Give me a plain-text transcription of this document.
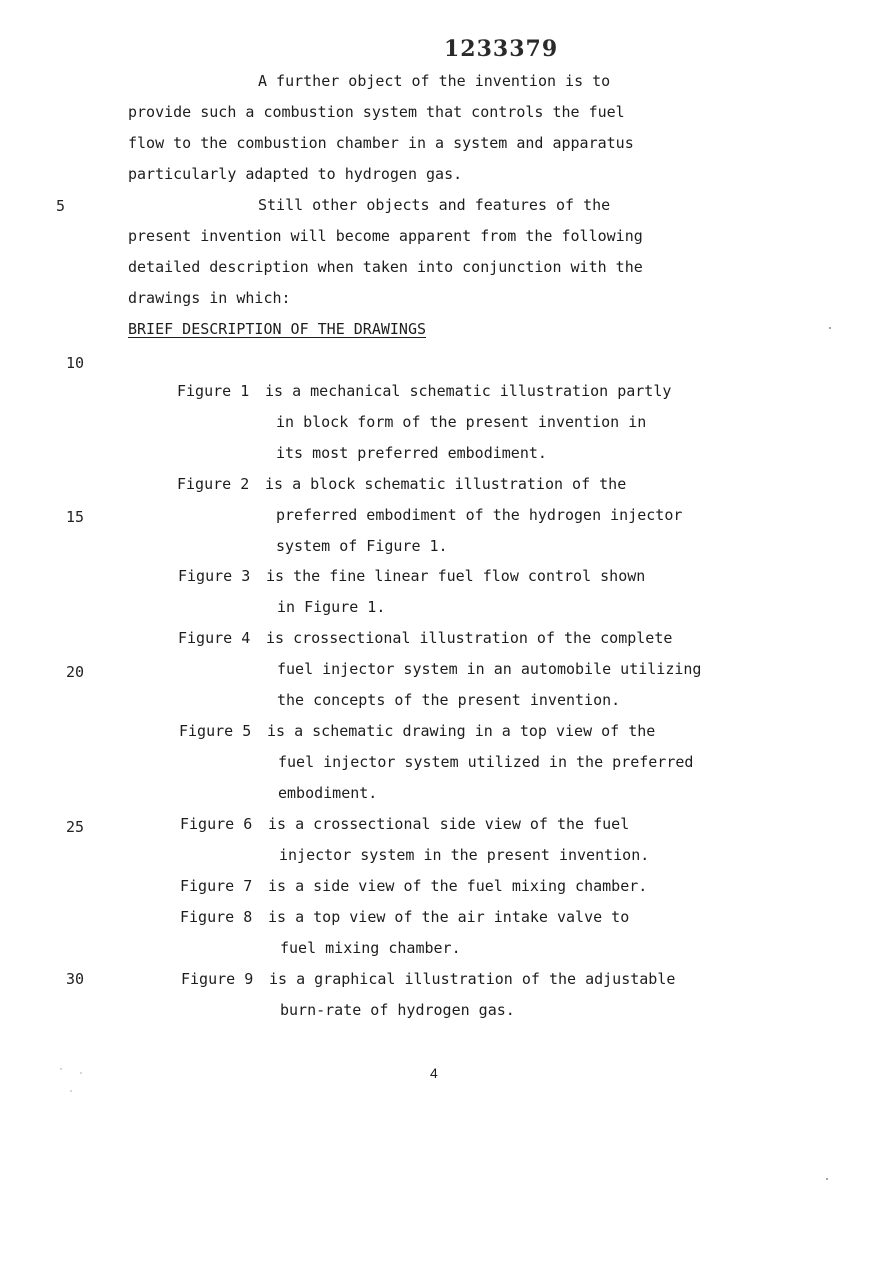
1233379
A further object of the invention is to
provide such a combustion system that controls the fuel
flow to the combustion chamber in a system and apparatus
particularly adapted to hydrogen gas.
Still other objects and features of the
present invention will become apparent from the following
detailed description when taken into conjunction with the
drawings in which:
BRIEF DESCRIPTION OF THE DRAWINGS
Figure 1 is a mechanical schematic illustration partly
in block form of the present invention in
its most preferred embodiment.
Figure 2 is a block schematic illustration of the
preferred embodiment of the hydrogen injector
system of Figure 1.
Figure 3 is the fine linear fuel flow control shown
in Figure 1.
Figure 4 is crossectional illustration of the complete
fuel injector system in an automobile utilizing
the concepts of the present invention.
Figure 5 is a schematic drawing in a top view of the
fuel injector system utilized in the preferred
embodiment.
Figure 6 is a crossectional side view of the fuel
injector system in the present invention.
Figure 7 is a side view of the fuel mixing chamber.
Figure 8 is a top view of the air intake valve to
fuel mixing chamber.
Figure 9 is a graphical illustration of the adjustable
burn-rate of hydrogen gas.
5
10
15
20
25
30
4
